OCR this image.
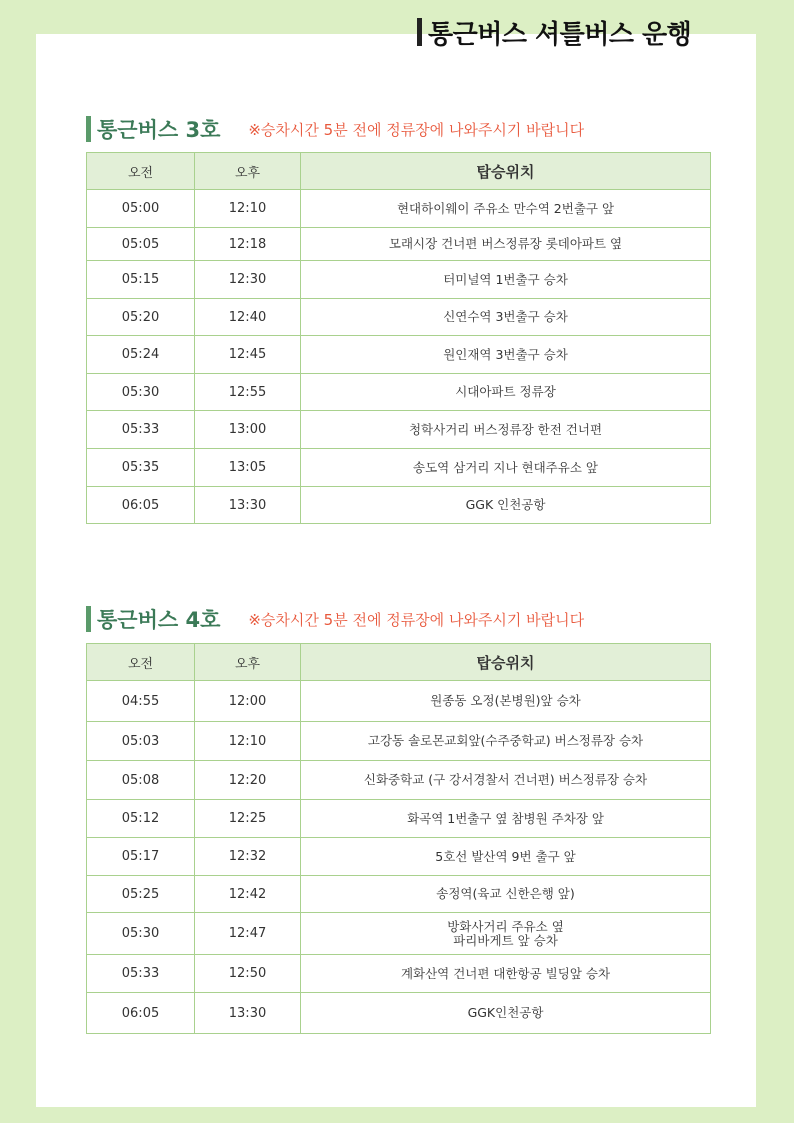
통근버스 셔틀버스 운행
통근버스 3호 ※승차시간 5분 전에 정류장에 나와주시기 바랍니다
오전	오후	탑승위치
05:00	12:10	현대하이웨이 주유소 만수역 2번출구 앞
05:05	12:18	모래시장 건너편 버스정류장 롯데아파트 옆
05:15	12:30	터미널역 1번출구 승차
05:20	12:40	신연수역 3번출구 승차
05:24	12:45	원인재역 3번출구 승차
05:30	12:55	시대아파트 정류장
05:33	13:00	청학사거리 버스정류장 한전 건너편
05:35	13:05	송도역 삼거리 지나 현대주유소 앞
06:05	13:30	GGK 인천공항
통근버스 4호 ※승차시간 5분 전에 정류장에 나와주시기 바랍니다
오전	오후	탑승위치
04:55	12:00	원종동 오정(본병원)앞 승차
05:03	12:10	고강동 솔로몬교회앞(수주중학교) 버스정류장 승차
05:08	12:20	신화중학교 (구 강서경찰서 건너편) 버스정류장 승차
05:12	12:25	화곡역 1번출구 옆 참병원 주차장 앞
05:17	12:32	5호선 발산역 9번 출구 앞
05:25	12:42	송정역(육교 신한은행 앞)
05:30	12:47	방화사거리 주유소 옆
파리바게트 앞 승차
05:33	12:50	계화산역 건너편 대한항공 빌딩앞 승차
06:05	13:30	GGK인천공항
